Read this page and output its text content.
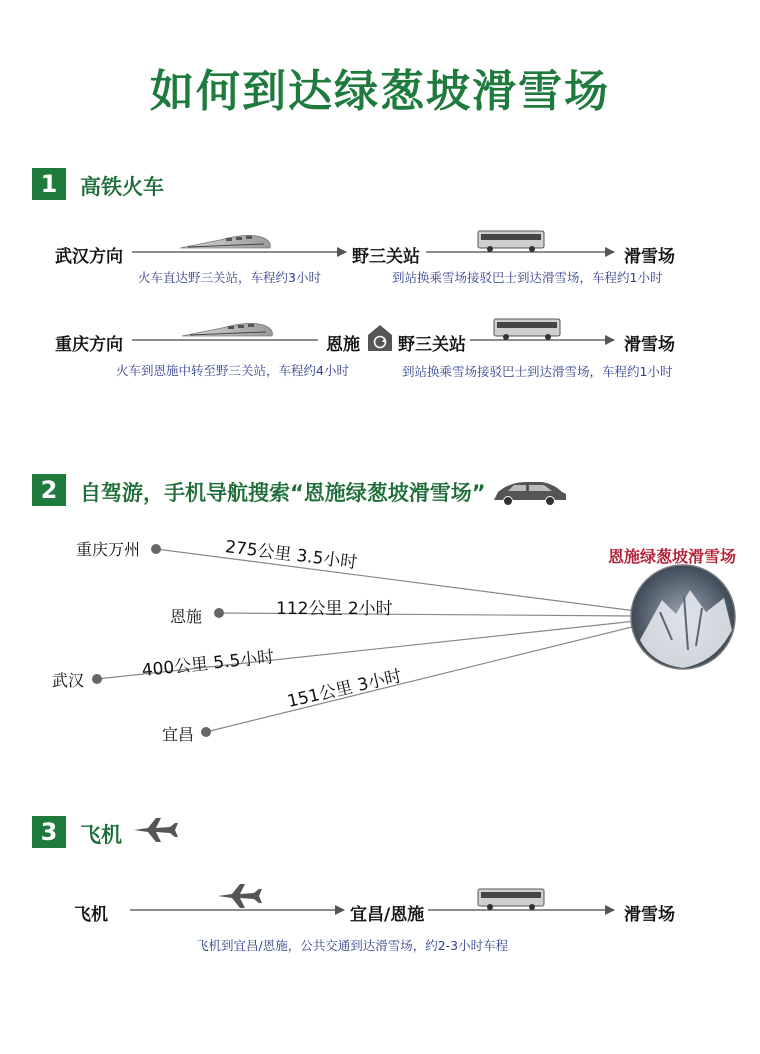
如何到达绿葱坡滑雪场
1	高铁火车
武汉方向	野三关站	滑雪场
火车直达野三关站，车程约3小时	到站换乘雪场接驳巴士到达滑雪场，车程约1小时
重庆方向	恩施 野三关站	滑雪场
火车到恩施中转至野三关站，车程约4小时	到站换乘雪场接驳巴士到达滑雪场，车程约1小时
2	自驾游，手机导航搜索“恩施绿葱坡滑雪场”
恩施绿葱坡滑雪场
重庆万州
恩施
武汉
宜昌
275公里 3.5小时
112公里 2小时
400公里 5.5小时
151公里 3小时
3	飞机
飞机	宜昌/恩施	滑雪场
飞机到宜昌/恩施，公共交通到达滑雪场，约2-3小时车程
